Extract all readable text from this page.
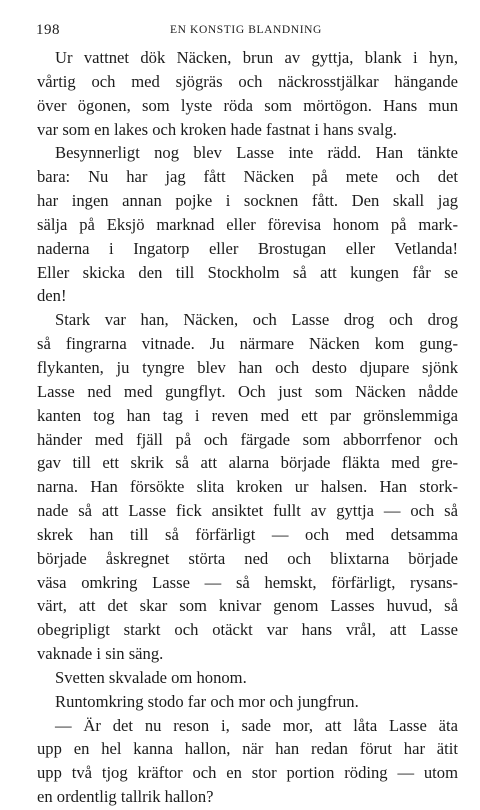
198	EN KONSTIG BLANDNING
Ur vattnet dök Näcken, brun av gyttja, blank i hyn,
vårtig och med sjögräs och näckrosstjälkar hängande
över ögonen, som lyste röda som mörtögon. Hans mun
var som en lakes och kroken hade fastnat i hans svalg.
Besynnerligt nog blev Lasse inte rädd. Han tänkte
bara: Nu har jag fått Näcken på mete och det
har ingen annan pojke i socknen fått. Den skall jag
sälja på Eksjö marknad eller förevisa honom på mark-
naderna i Ingatorp eller Brostugan eller Vetlanda!
Eller skicka den till Stockholm så att kungen får se
den!
Stark var han, Näcken, och Lasse drog och drog
så fingrarna vitnade. Ju närmare Näcken kom gung-
flykanten, ju tyngre blev han och desto djupare sjönk
Lasse ned med gungflyt. Och just som Näcken nådde
kanten tog han tag i reven med ett par grönslemmiga
händer med fjäll på och färgade som abborrfenor och
gav till ett skrik så att alarna började fläkta med gre-
narna. Han försökte slita kroken ur halsen. Han stork-
nade så att Lasse fick ansiktet fullt av gyttja — och så
skrek han till så förfärligt — och med detsamma
började åskregnet störta ned och blixtarna började
väsa omkring Lasse — så hemskt, förfärligt, rysans-
värt, att det skar som knivar genom Lasses huvud, så
obegripligt starkt och otäckt var hans vrål, att Lasse
vaknade i sin säng.
Svetten skvalade om honom.
Runtomkring stodo far och mor och jungfrun.
— Är det nu reson i, sade mor, att låta Lasse äta
upp en hel kanna hallon, när han redan förut har ätit
upp två tjog kräftor och en stor portion röding — utom
en ordentlig tallrik hallon?
